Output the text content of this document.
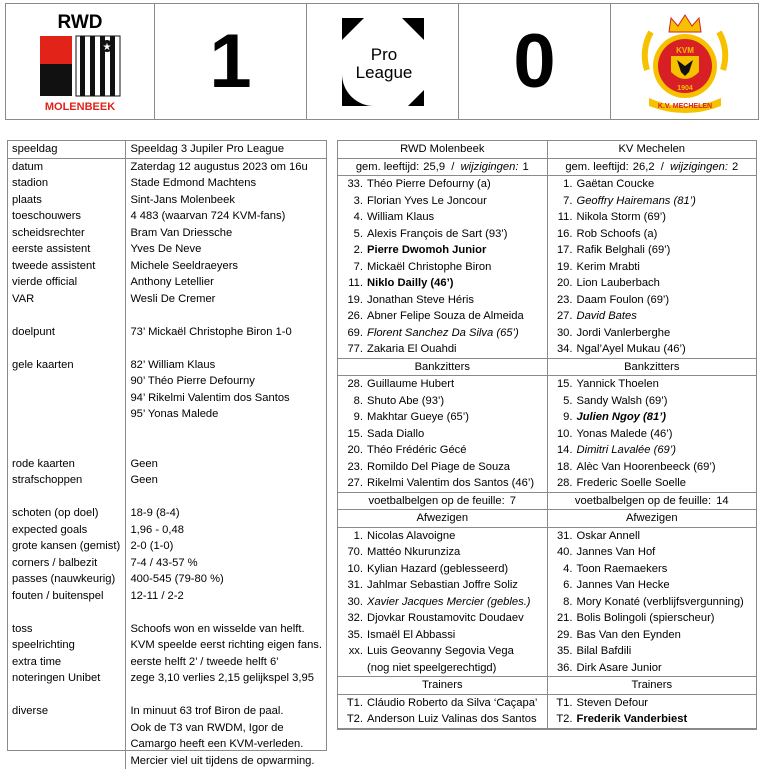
RWD
★
MOLENBEEK
1	Pro
League 0	KVM
1904
K.V. MECHELEN
speeldag	Speeldag 3 Jupiler Pro League
datum	Zaterdag 12 augustus 2023 om 16u
stadion	Stade Edmond Machtens
plaats	Sint-Jans Molenbeek
toeschouwers	4 483 (waarvan 724 KVM-fans)
scheidsrechter	Bram Van Driessche
eerste assistent	Yves De Neve
tweede assistent	Michele Seeldraeyers
vierde official	Anthony Letellier
VAR	Wesli De Cremer

doelpunt	73’ Mickaël Christophe Biron 1-0

gele kaarten	82’ William Klaus
	90’ Théo Pierre Defourny
	94’ Rikelmi Valentim dos Santos
	95’ Yonas Malede

rode kaarten	Geen
strafschoppen	Geen

schoten (op doel)	18-9 (8-4)
expected goals	1,96 - 0,48
grote kansen (gemist)	2-0 (1-0)
corners / balbezit	7-4 / 43-57 %
passes (nauwkeurig)	400-545 (79-80 %)
fouten / buitenspel	12-11 / 2-2

toss	Schoofs won en wisselde van helft.
speelrichting	KVM speelde eerst richting eigen fans.
extra time	eerste helft 2’ / tweede helft 6’
noteringen Unibet	zege 3,10 verlies 2,15 gelijkspel 3,95

diverse	In minuut 63 trof Biron de paal.
	Ook de T3 van RWDM, Igor de
	Camargo heeft een KVM-verleden.
	Mercier viel uit tijdens de opwarming.
RWD Molenbeek	KV Mechelen
gem. leeftijd: 25,9  /  wijzigingen: 1	gem. leeftijd: 26,2  /  wijzigingen: 2
33. Théo Pierre Defourny (a)	1. Gaëtan Coucke
3. Florian Yves Le Joncour	7. Geoffry Hairemans (81’)
4. William Klaus	11. Nikola Storm (69’)
5. Alexis François de Sart (93’)	16. Rob Schoofs (a)
2. Pierre Dwomoh Junior	17. Rafik Belghali (69’)
7. Mickaël Christophe Biron	19. Kerim Mrabti
11. Niklo Dailly (46’)	20. Lion Lauberbach
19. Jonathan Steve Héris	23. Daam Foulon (69’)
26. Abner Felipe Souza de Almeida	27. David Bates
69. Florent Sanchez Da Silva (65’)	30. Jordi Vanlerberghe
77. Zakaria El Ouahdi	34. Ngal’Ayel Mukau (46’)
Bankzitters	Bankzitters
28. Guillaume Hubert	15. Yannick Thoelen
8. Shuto Abe (93’)	5. Sandy Walsh (69’)
9. Makhtar Gueye (65’)	9. Julien Ngoy (81’)
15. Sada Diallo	10. Yonas Malede (46’)
20. Théo Frédéric Gécé	14. Dimitri Lavalée (69’)
23. Romildo Del Piage de Souza	18. Alèc Van Hoorenbeeck (69’)
27. Rikelmi Valentim dos Santos (46’)	28. Frederic Soelle Soelle
voetbalbelgen op de feuille: 7	voetbalbelgen op de feuille: 14
Afwezigen	Afwezigen
1. Nicolas Alavoigne	31. Oskar Annell
70. Mattéo Nkurunziza	40. Jannes Van Hof
10. Kylian Hazard (geblesseerd)	4. Toon Raemaekers
31. Jahlmar Sebastian Joffre Soliz	6. Jannes Van Hecke
30. Xavier Jacques Mercier (gebles.)	8. Mory Konaté (verblijfsvergunning)
32. Djovkar Roustamovitc Doudaev	21. Bolis Bolingoli (spierscheur)
35. Ismaël El Abbassi	29. Bas Van den Eynden
xx. Luis Geovanny Segovia Vega	35. Bilal Bafdili
(nog niet speelgerechtigd)	36. Dirk Asare Junior
Trainers	Trainers
T1. Cláudio Roberto da Silva ‘Caçapa’	T1. Steven Defour
T2. Anderson Luiz Valinas dos Santos	T2. Frederik Vanderbiest
